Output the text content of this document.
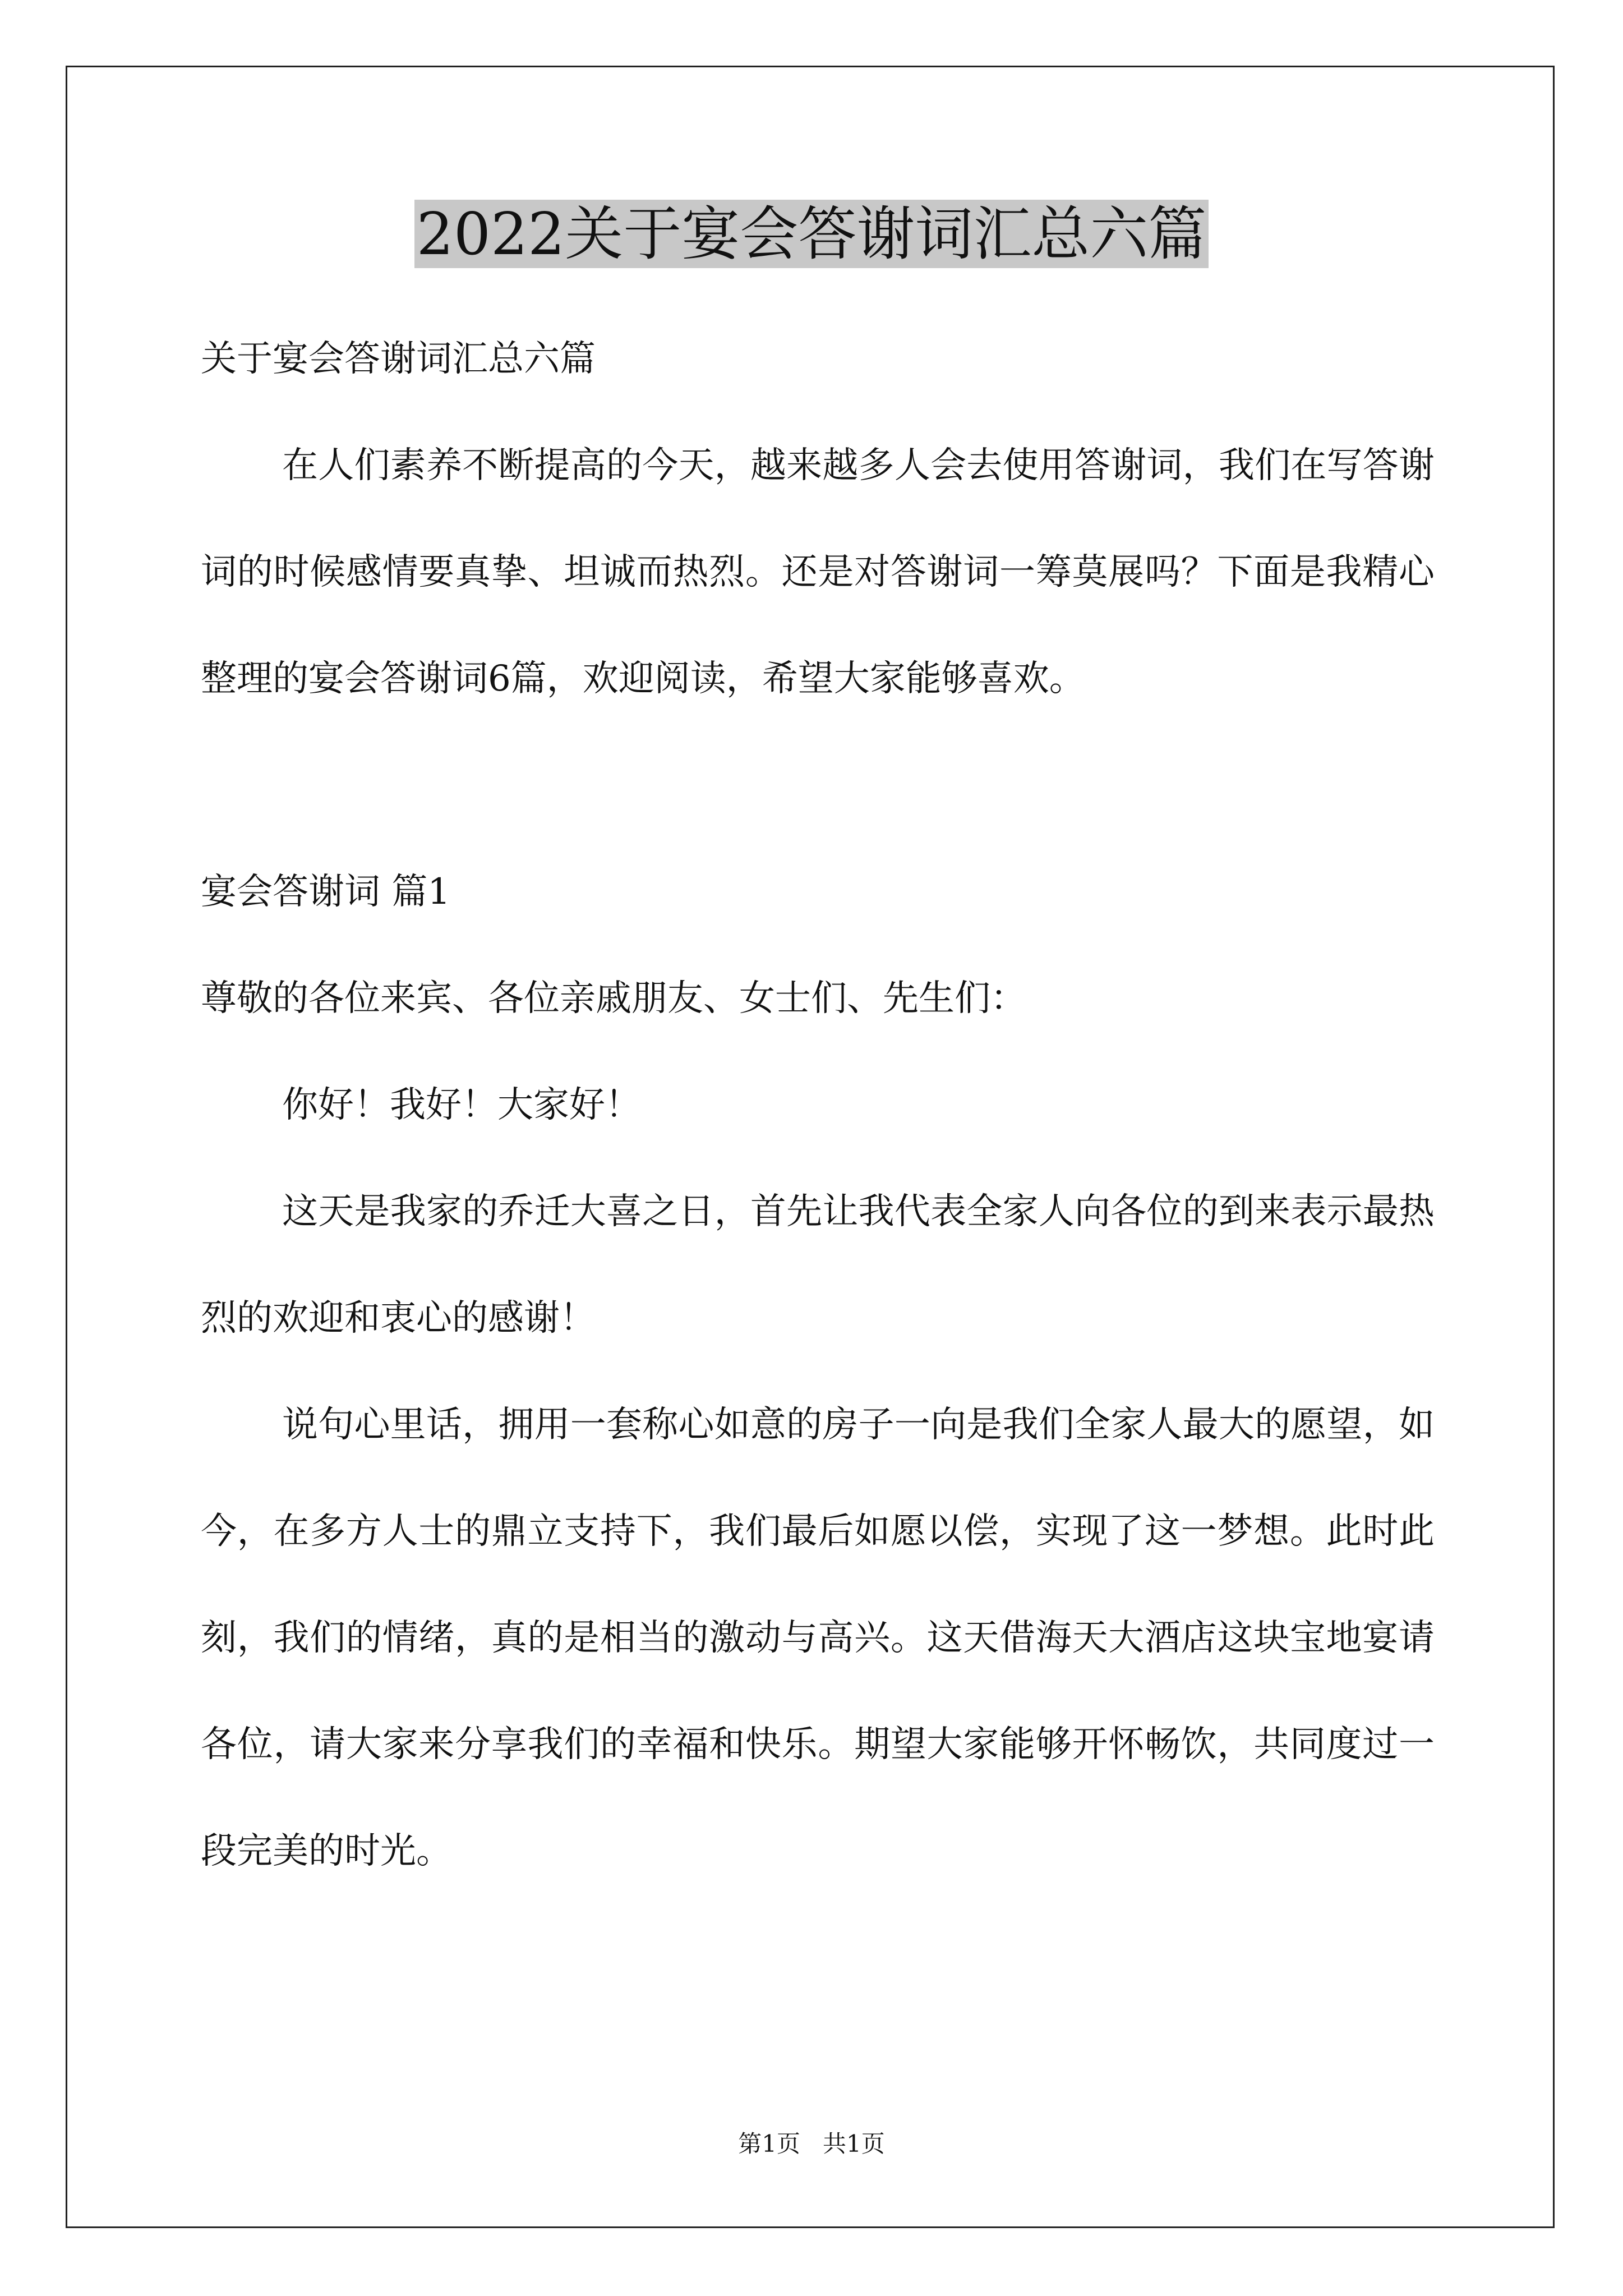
2022关于宴会答谢词汇总六篇

关于宴会答谢词汇总六篇

在人们素养不断提高的今天，越来越多人会去使用答谢词，我们在写答谢词的时候感情要真挚、坦诚而热烈。还是对答谢词一筹莫展吗？下面是我精心整理的宴会答谢词6篇，欢迎阅读，希望大家能够喜欢。

宴会答谢词 篇1

尊敬的各位来宾、各位亲戚朋友、女士们、先生们：

你好！我好！大家好！

这天是我家的乔迁大喜之日，首先让我代表全家人向各位的到来表示最热烈的欢迎和衷心的感谢！

说句心里话，拥用一套称心如意的房子一向是我们全家人最大的愿望，如今，在多方人士的鼎立支持下，我们最后如愿以偿，实现了这一梦想。此时此刻，我们的情绪，真的是相当的激动与高兴。这天借海天大酒店这块宝地宴请各位，请大家来分享我们的幸福和快乐。期望大家能够开怀畅饮，共同度过一段完美的时光。

第1页   共1页
